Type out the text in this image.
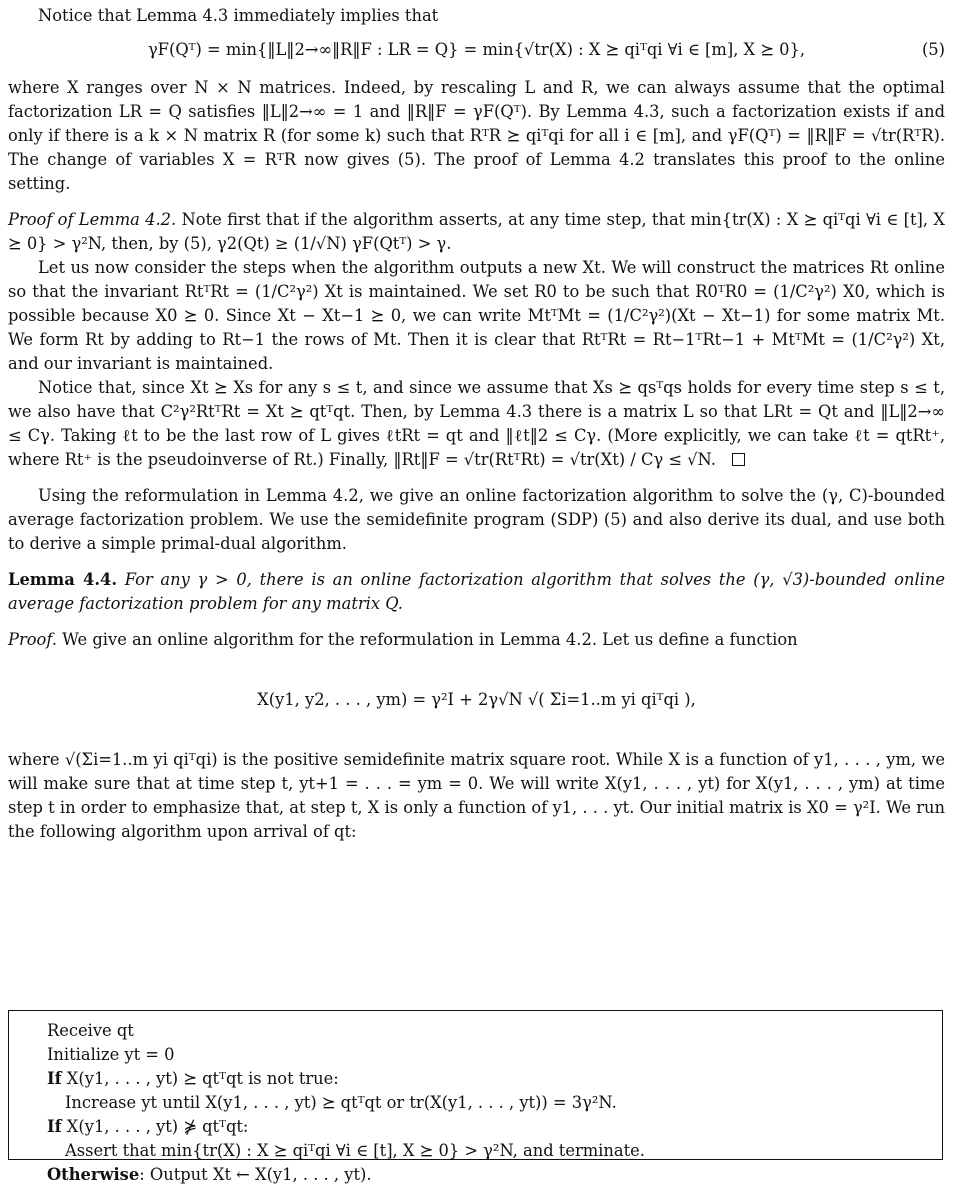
Notice that Lemma 4.3 immediately implies that

γF(Qᵀ) = min{‖L‖2→∞‖R‖F : LR = Q} = min{√tr(X) : X ⪰ qiᵀqi ∀i ∈ [m], X ⪰ 0},	(5)

where X ranges over N × N matrices. Indeed, by rescaling L and R, we can always assume that the optimal factorization LR = Q satisfies ‖L‖2→∞ = 1 and ‖R‖F = γF(Qᵀ). By Lemma 4.3, such a factorization exists if and only if there is a k × N matrix R (for some k) such that RᵀR ⪰ qiᵀqi for all i ∈ [m], and γF(Qᵀ) = ‖R‖F = √tr(RᵀR). The change of variables X = RᵀR now gives (5). The proof of Lemma 4.2 translates this proof to the online setting.

Proof of Lemma 4.2. Note first that if the algorithm asserts, at any time step, that min{tr(X) : X ⪰ qiᵀqi ∀i ∈ [t], X ⪰ 0} > γ²N, then, by (5), γ2(Qt) ≥ (1/√N) γF(Qtᵀ) > γ.

Let us now consider the steps when the algorithm outputs a new Xt. We will construct the matrices Rt online so that the invariant RtᵀRt = (1/C²γ²) Xt is maintained. We set R0 to be such that R0ᵀR0 = (1/C²γ²) X0, which is possible because X0 ⪰ 0. Since Xt − Xt−1 ⪰ 0, we can write MtᵀMt = (1/C²γ²)(Xt − Xt−1) for some matrix Mt. We form Rt by adding to Rt−1 the rows of Mt. Then it is clear that RtᵀRt = Rt−1ᵀRt−1 + MtᵀMt = (1/C²γ²) Xt, and our invariant is maintained.

Notice that, since Xt ⪰ Xs for any s ≤ t, and since we assume that Xs ⪰ qsᵀqs holds for every time step s ≤ t, we also have that C²γ²RtᵀRt = Xt ⪰ qtᵀqt. Then, by Lemma 4.3 there is a matrix L so that LRt = Qt and ‖L‖2→∞ ≤ Cγ. Taking ℓt to be the last row of L gives ℓtRt = qt and ‖ℓt‖2 ≤ Cγ. (More explicitly, we can take ℓt = qtRt⁺, where Rt⁺ is the pseudoinverse of Rt.) Finally, ‖Rt‖F = √tr(RtᵀRt) = √tr(Xt) / Cγ ≤ √N.

Using the reformulation in Lemma 4.2, we give an online factorization algorithm to solve the (γ, C)-bounded average factorization problem. We use the semidefinite program (SDP) (5) and also derive its dual, and use both to derive a simple primal-dual algorithm.

Lemma 4.4. For any γ > 0, there is an online factorization algorithm that solves the (γ, √3)-bounded online average factorization problem for any matrix Q.

Proof. We give an online algorithm for the reformulation in Lemma 4.2. Let us define a function

X(y1, y2, . . . , ym) = γ²I + 2γ√N √( Σi=1..m yi qiᵀqi ),

where √(Σi=1..m yi qiᵀqi) is the positive semidefinite matrix square root. While X is a function of y1, . . . , ym, we will make sure that at time step t, yt+1 = . . . = ym = 0. We will write X(y1, . . . , yt) for X(y1, . . . , ym) at time step t in order to emphasize that, at step t, X is only a function of y1, . . . yt. Our initial matrix is X0 = γ²I. We run the following algorithm upon arrival of qt:

Receive qt
Initialize yt = 0
If X(y1, . . . , yt) ⪰ qtᵀqt is not true:
Increase yt until X(y1, . . . , yt) ⪰ qtᵀqt or tr(X(y1, . . . , yt)) = 3γ²N.
If X(y1, . . . , yt) ⋡ qtᵀqt:
Assert that min{tr(X) : X ⪰ qiᵀqi ∀i ∈ [t], X ⪰ 0} > γ²N, and terminate.
Otherwise: Output Xt ← X(y1, . . . , yt).
